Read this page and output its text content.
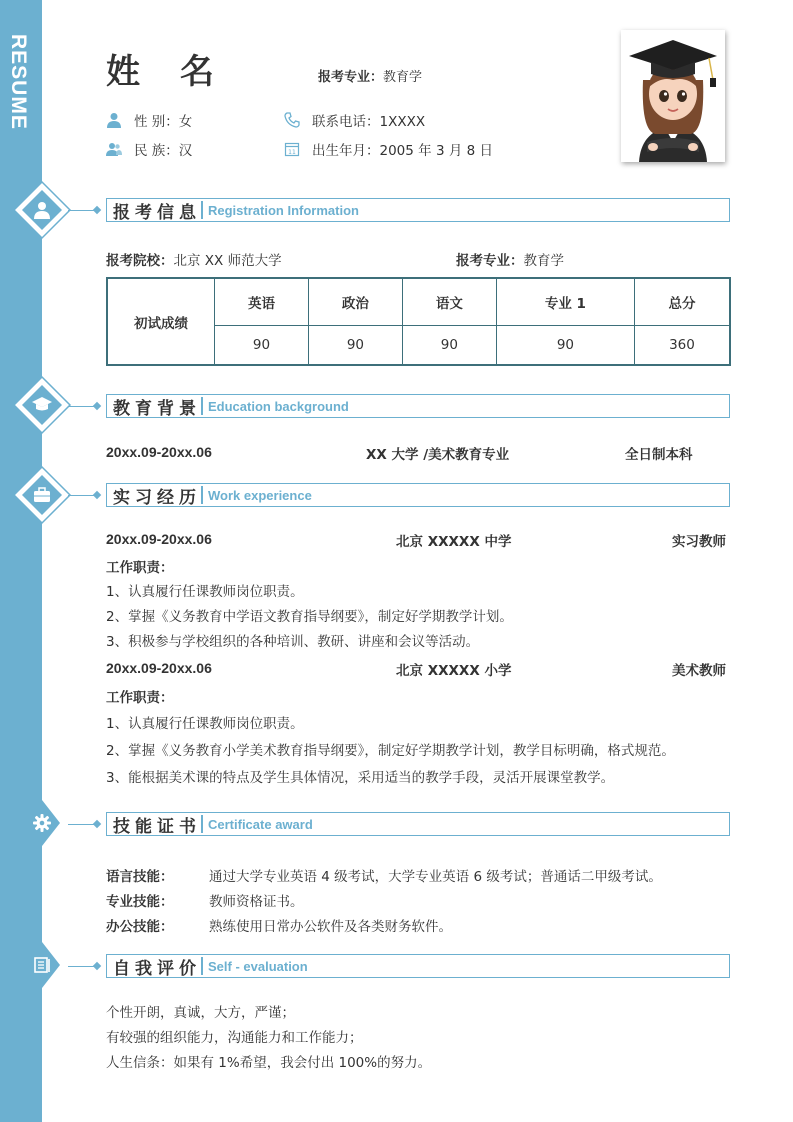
RESUME 姓名	报考专业：教育学
性 别：女
民 族：汉
联系电话：1XXXX
11 出生年月：2005 年 3 月 8 日
报考信息 Registration Information
报考院校：北京 XX 师范大学	报考专业：教育学
初试成绩	英语	政治	语文	专业 1	总分
	90	90	90	90	360
教育背景 Education background
20xx.09-20xx.06	XX 大学 /美术教育专业	全日制本科
实习经历 Work experience
20xx.09-20xx.06	北京 XXXXX 中学	实习教师
工作职责：
1、认真履行任课教师岗位职责。
2、掌握《义务教育中学语文教育指导纲要》，制定好学期教学计划。
3、积极参与学校组织的各种培训、教研、讲座和会议等活动。
20xx.09-20xx.06	北京 XXXXX 小学	美术教师
工作职责：
1、认真履行任课教师岗位职责。
2、掌握《义务教育小学美术教育指导纲要》，制定好学期教学计划，教学目标明确，格式规范。
3、能根据美术课的特点及学生具体情况，采用适当的教学手段，灵活开展课堂教学。
技能证书 Certificate award
语言技能：	通过大学专业英语 4 级考试，大学专业英语 6 级考试；普通话二甲级考试。
专业技能：	教师资格证书。
办公技能：	熟练使用日常办公软件及各类财务软件。
自我评价 Self - evaluation
个性开朗，真诚，大方，严谨；
有较强的组织能力，沟通能力和工作能力；
人生信条：如果有 1%希望，我会付出 100%的努力。
